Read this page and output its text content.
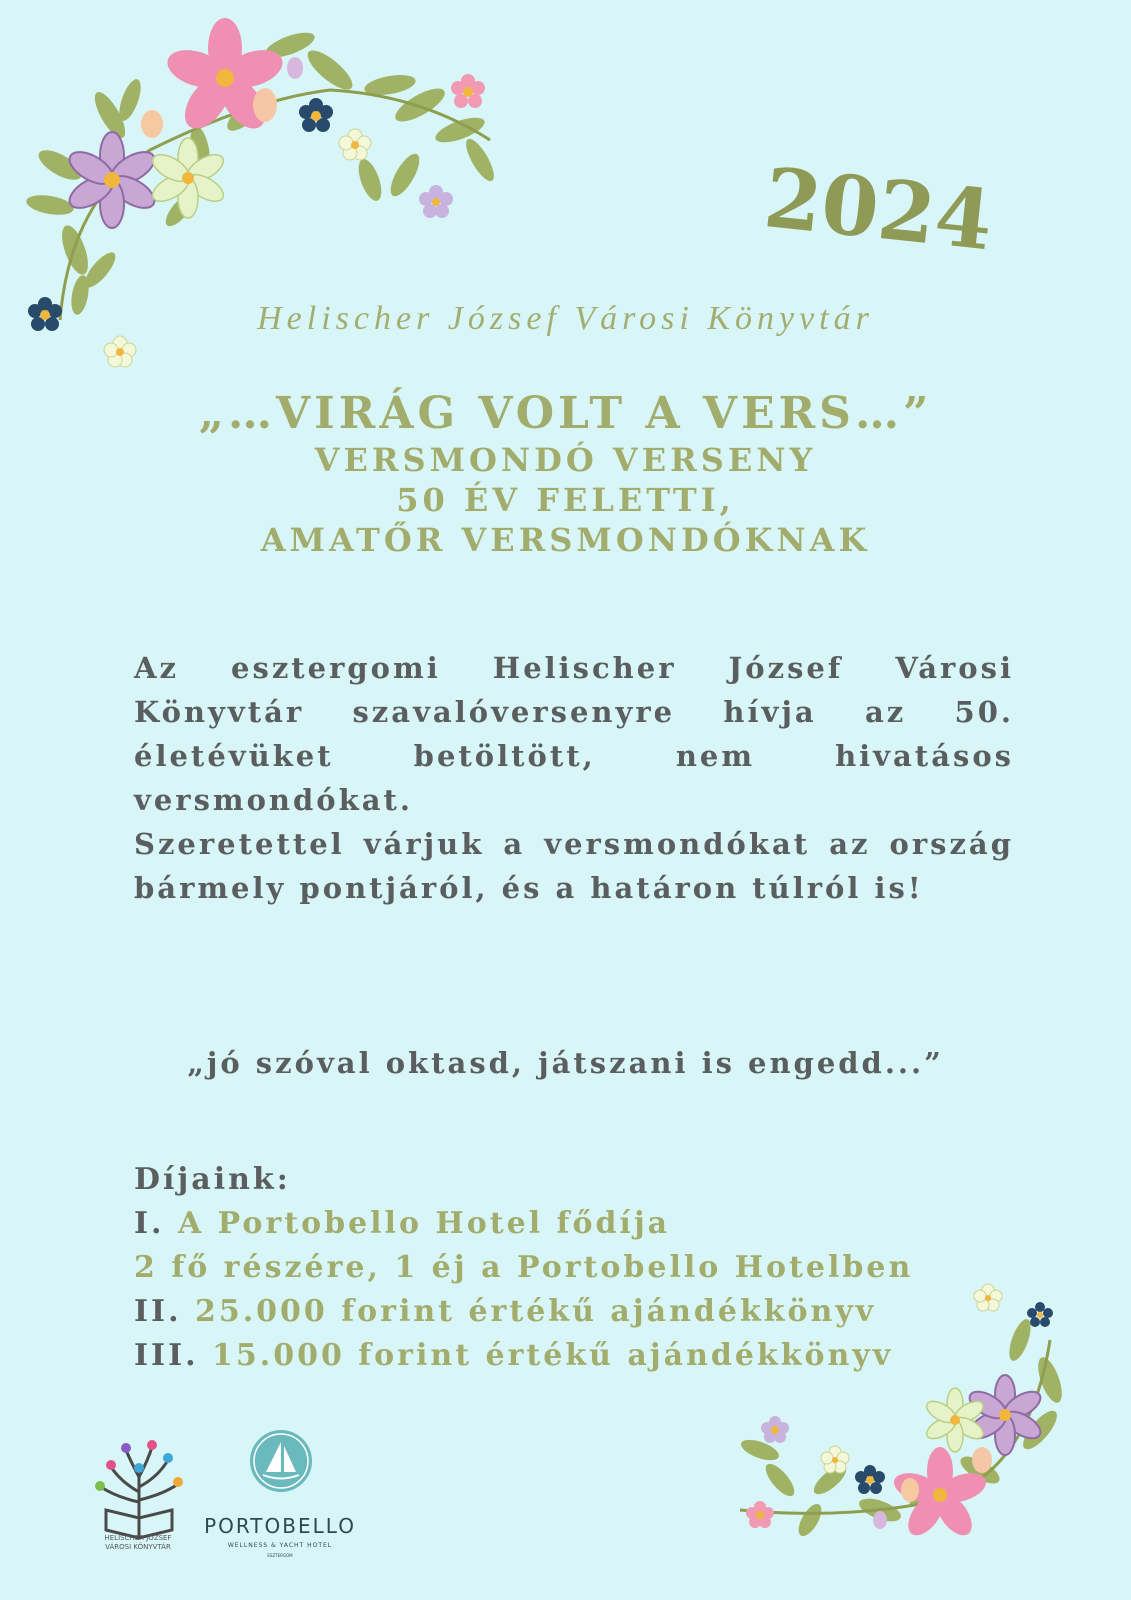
2024
Helischer József Városi Könyvtár
„…VIRÁG VOLT A VERS…”
VERSMONDÓ VERSENY
50 ÉV FELETTI,
AMATŐR VERSMONDÓKNAK

Az esztergomi Helischer József Városi Könyvtár szavalóversenyre hívja az 50. életévüket betöltött, nem hivatásos versmondókat.

Szeretettel várjuk a versmondókat az ország bármely pontjáról, és a határon túlról is!

„jó szóval oktasd, játszani is engedd...”
Díjaink:
I. A Portobello Hotel fődíja
2 fő részére, 1 éj a Portobello Hotelben
II. 25.000 forint értékű ajándékkönyv
III. 15.000 forint értékű ajándékkönyv
HELISCHER JÓZSEF
VÁROSI KÖNYVTÁR
PORTOBELLO
WELLNESS & YACHT HOTEL
ESZTERGOM
